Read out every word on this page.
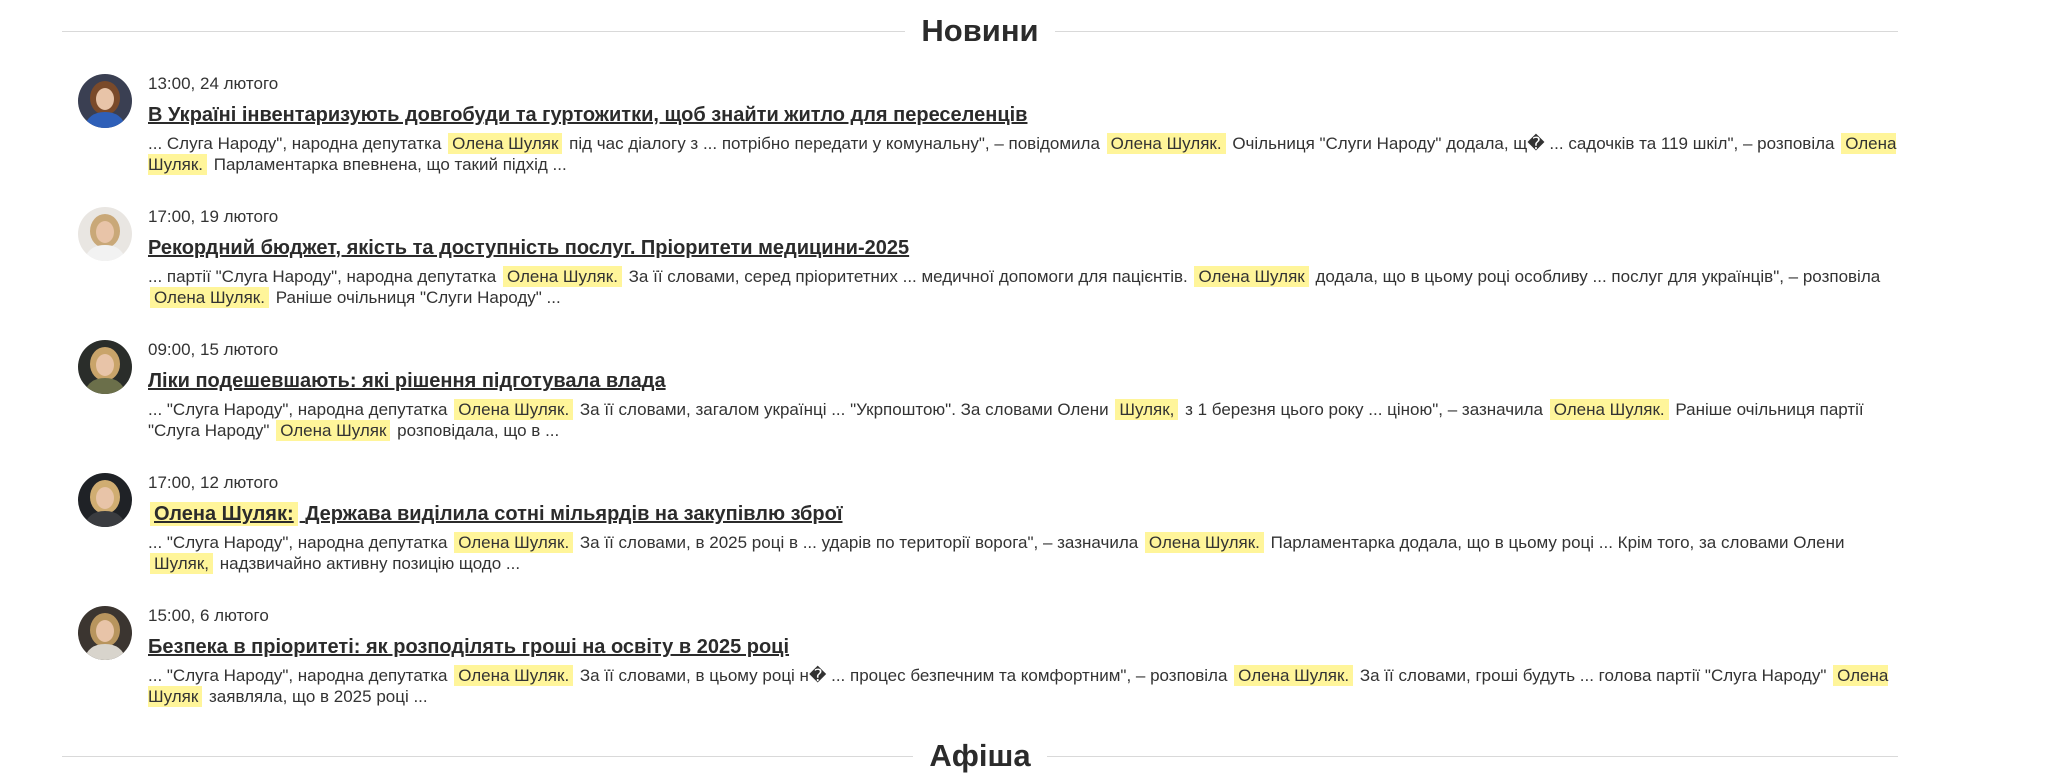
Новини
13:00, 24 лютого
В Україні інвентаризують довгобуди та гуртожитки, щоб знайти житло для переселенців
... Слуга Народу", народна депутатка Олена Шуляк під час діалогу з ... потрібно передати у комунальну", – повідомила Олена Шуляк. Очільниця "Слуги Народу" додала, щ� ... садочків та 119 шкіл", – розповіла Олена Шуляк. Парламентарка впевнена, що такий підхід ...
17:00, 19 лютого
Рекордний бюджет, якість та доступність послуг. Пріоритети медицини-2025
... партії "Слуга Народу", народна депутатка Олена Шуляк. За її словами, серед пріоритетних ... медичної допомоги для пацієнтів. Олена Шуляк додала, що в цьому році особливу ... послуг для українців", – розповіла Олена Шуляк. Раніше очільниця "Слуги Народу" ...
09:00, 15 лютого
Ліки подешевшають: які рішення підготувала влада
... "Слуга Народу", народна депутатка Олена Шуляк. За її словами, загалом українці ... "Укрпоштою". За словами Олени Шуляк, з 1 березня цього року ... ціною", – зазначила Олена Шуляк. Раніше очільниця партії "Слуга Народу" Олена Шуляк розповідала, що в ...
17:00, 12 лютого
Олена Шуляк: Держава виділила сотні мільярдів на закупівлю зброї
... "Слуга Народу", народна депутатка Олена Шуляк. За її словами, в 2025 році в ... ударів по території ворога", – зазначила Олена Шуляк. Парламентарка додала, що в цьому році ... Крім того, за словами Олени Шуляк, надзвичайно активну позицію щодо ...
15:00, 6 лютого
Безпека в пріоритеті: як розподілять гроші на освіту в 2025 році
... "Слуга Народу", народна депутатка Олена Шуляк. За її словами, в цьому році н� ... процес безпечним та комфортним", – розповіла Олена Шуляк. За її словами, гроші будуть ... голова партії "Слуга Народу" Олена Шуляк заявляла, що в 2025 році ...
Афіша
